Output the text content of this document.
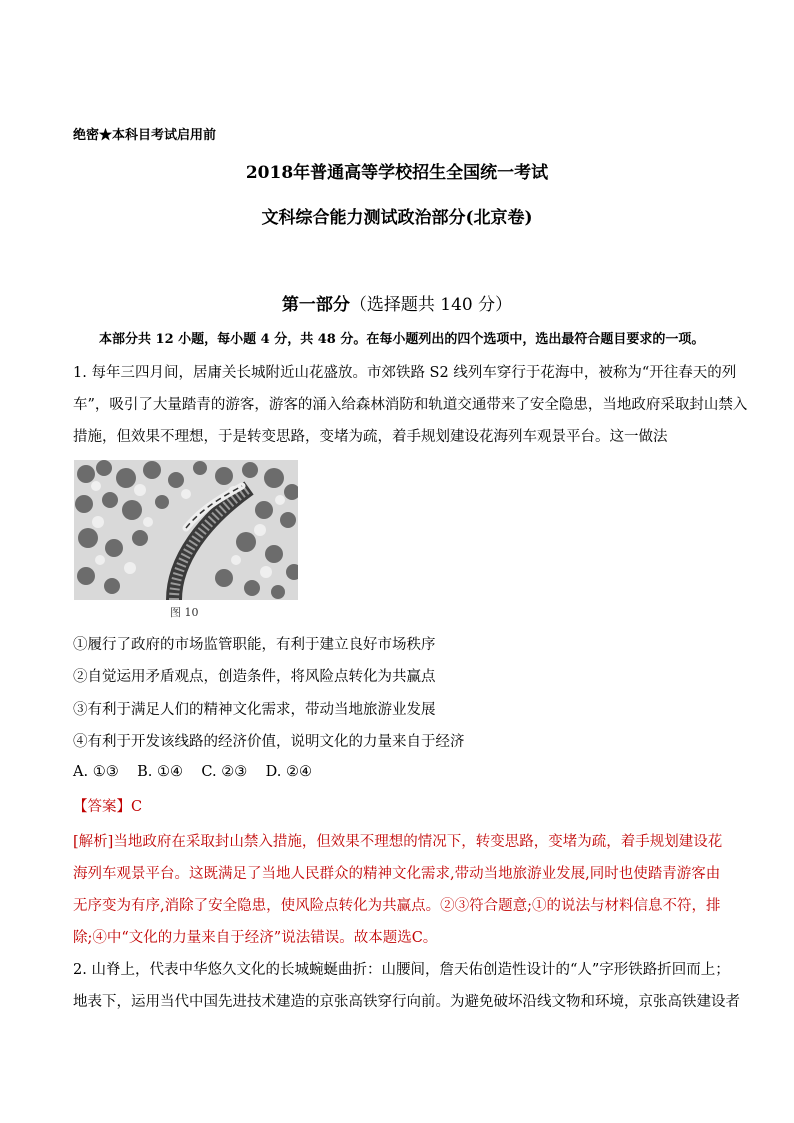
绝密★本科目考试启用前
2018年普通高等学校招生全国统一考试
文科综合能力测试政治部分(北京卷)
第一部分（选择题共 140 分）
本部分共 12 小题，每小题 4 分，共 48 分。在每小题列出的四个选项中，选出最符合题目要求的一项。
1. 每年三四月间，居庸关长城附近山花盛放。市郊铁路 S2 线列车穿行于花海中，被称为“开往春天的列
车”，吸引了大量踏青的游客，游客的涌入给森林消防和轨道交通带来了安全隐患，当地政府采取封山禁入
措施，但效果不理想，于是转变思路，变堵为疏，着手规划建设花海列车观景平台。这一做法
图 10
①履行了政府的市场监管职能，有利于建立良好市场秩序
②自觉运用矛盾观点，创造条件，将风险点转化为共赢点
③有利于满足人们的精神文化需求，带动当地旅游业发展
④有利于开发该线路的经济价值，说明文化的力量来自于经济
A. ①③    B. ①④    C. ②③    D. ②④
【答案】C
[解析]当地政府在采取封山禁入措施，但效果不理想的情况下，转变思路，变堵为疏，着手规划建设花
海列车观景平台。这既满足了当地人民群众的精神文化需求,带动当地旅游业发展,同时也使踏青游客由
无序变为有序,消除了安全隐患，使风险点转化为共赢点。②③符合题意;①的说法与材料信息不符，排
除;④中“文化的力量来自于经济”说法错误。故本题选C。
2. 山脊上，代表中华悠久文化的长城蜿蜒曲折：山腰间，詹天佑创造性设计的“人”字形铁路折回而上；
地表下，运用当代中国先进技术建造的京张高铁穿行向前。为避免破坏沿线文物和环境，京张高铁建设者
